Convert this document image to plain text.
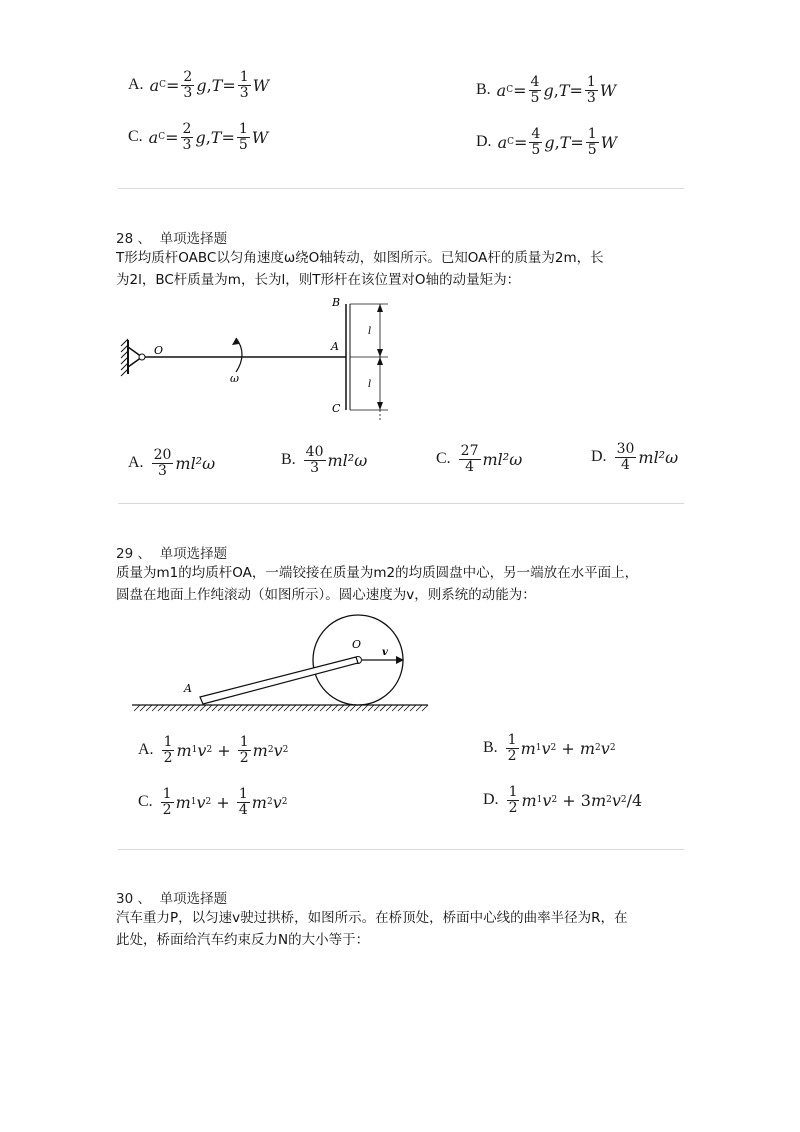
A. a $C = \frac{2}{3}$ g , $T = \frac{1}{3}$ W	B. a $C = \frac{4}{5}$ g , $T = \frac{1}{3}$ W
C. a $C = \frac{2}{3}$ g , $T = \frac{1}{5}$ W	D. a $C = \frac{4}{5}$ g , $T = \frac{1}{5}$ W
28 、 单项选择题
T形均质杆OABC以匀角速度ω绕O轴转动，如图所示。已知OA杆的质量为2m，长
为2l，BC杆质量为m，长为l，则T形杆在该位置对O轴的动量矩为：
O	A
ω
B
C
l
l
A. $\frac{20}{3} ml^2\omega$	B. $\frac{40}{3} ml^2\omega$	C. $\frac{27}{4} ml^2\omega$	D. $\frac{30}{4} ml^2\omega$
29 、 单项选择题
质量为m1的均质杆OA，一端铰接在质量为m2的均质圆盘中心，另一端放在水平面上，
圆盘在地面上作纯滚动（如图所示）。圆心速度为v，则系统的动能为：
O
v
A
A. $\frac{1}{2}$ m 1 v $2 + \frac{1}{2}$ m 2 v 2	B. $\frac{1}{2}$ m 1 v 2 + m 2 v 2
C. $\frac{1}{2}$ m 1 v $2 + \frac{1}{4}$ m 2 v 2	D. $\frac{1}{2}$ m 1 v 2 + 3 m 2 v 2 /4
30 、 单项选择题
汽车重力P，以匀速v驶过拱桥，如图所示。在桥顶处，桥面中心线的曲率半径为R，在
此处，桥面给汽车约束反力N的大小等于：
